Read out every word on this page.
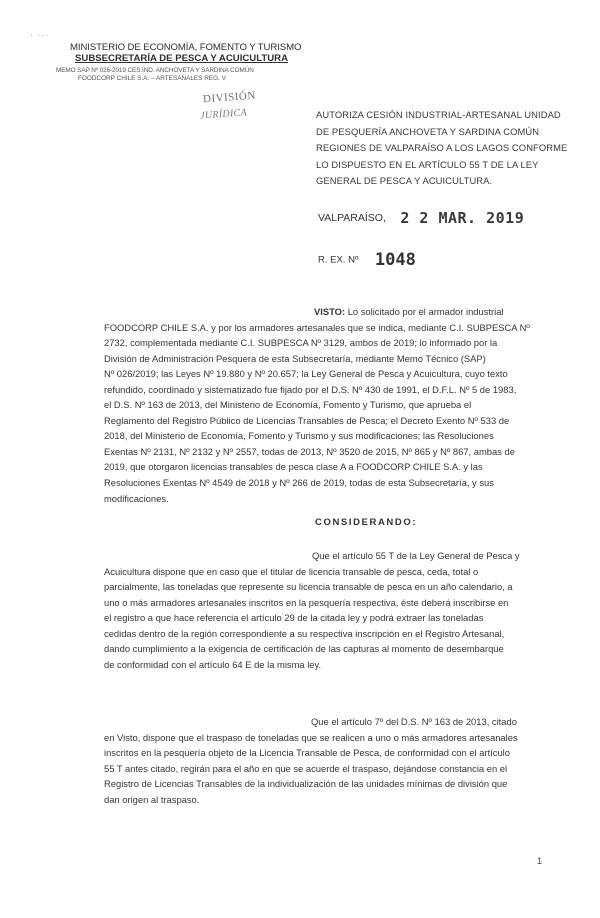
· ···
MINISTERIO DE ECONOMÍA, FOMENTO Y TURISMO
SUBSECRETARÍA DE PESCA Y ACUICULTURA
MEMO SAP Nº 026-2019 CES.IND. ANCHOVETA Y SARDINA COMÚN
FOODCORP CHILE S.A. – ARTESANALES REG. V
DIVISIÓN
JURÍDICA	AUTORIZA CESIÓN INDUSTRIAL-ARTESANAL UNIDAD
DE PESQUERÍA ANCHOVETA Y SARDINA COMÚN
REGIONES DE VALPARAÍSO A LOS LAGOS CONFORME
LO DISPUESTO EN EL ARTÍCULO 55 T DE LA LEY
GENERAL DE PESCA Y ACUICULTURA.
VALPARAÍSO, 2 2 MAR. 2019
R. EX. Nº 1048
VISTO: Lo solicitado por el armador industrial
FOODCORP CHILE S.A. y por los armadores artesanales que se indica, mediante C.I. SUBPESCA Nº
2732, complementada mediante C.I. SUBPESCA Nº 3129, ambos de 2019; lo informado por la
División de Administración Pesquera de esta Subsecretaría, mediante Memo Técnico (SAP)
Nº 026/2019; las Leyes Nº 19.880 y Nº 20.657; la Ley General de Pesca y Acuicultura, cuyo texto
refundido, coordinado y sistematizado fue fijado por el D.S. Nº 430 de 1991, el D.F.L. Nº 5 de 1983,
el D.S. Nº 163 de 2013, del Ministerio de Economía, Fomento y Turismo, que aprueba el
Reglamento del Registro Público de Licencias Transables de Pesca; el Decreto Exento Nº 533 de
2018, del Ministerio de Economía, Fomento y Turismo y sus modificaciones; las Resoluciones
Exentas Nº 2131, Nº 2132 y Nº 2557, todas de 2013, Nº 3520 de 2015, Nº 865 y Nº 867, ambas de
2019, que otorgaron licencias transables de pesca clase A a FOODCORP CHILE S.A. y las
Resoluciones Exentas Nº 4549 de 2018 y Nº 266 de 2019, todas de esta Subsecretaría, y sus
modificaciones.
CONSIDERANDO:
Que el artículo 55 T de la Ley General de Pesca y
Acuicultura dispone que en caso que el titular de licencia transable de pesca, ceda, total o
parcialmente, las toneladas que represente su licencia transable de pesca en un año calendario, a
uno o más armadores artesanales inscritos en la pesquería respectiva, éste deberá inscribirse en
el registro a que hace referencia el artículo 29 de la citada ley y podrá extraer las toneladas
cedidas dentro de la región correspondiente a su respectiva inscripción en el Registro Artesanal,
dando cumplimiento a la exigencia de certificación de las capturas al momento de desembarque
de conformidad con el artículo 64 E de la misma ley.
Que el artículo 7º del D.S. Nº 163 de 2013, citado
en Visto, dispone que el traspaso de toneladas que se realicen a uno o más armadores artesanales
inscritos en la pesquería objeto de la Licencia Transable de Pesca, de conformidad con el artículo
55 T antes citado, regirán para el año en que se acuerde el traspaso, dejándose constancia en el
Registro de Licencias Transables de la individualización de las unidades mínimas de división que
dan origen al traspaso.
1
